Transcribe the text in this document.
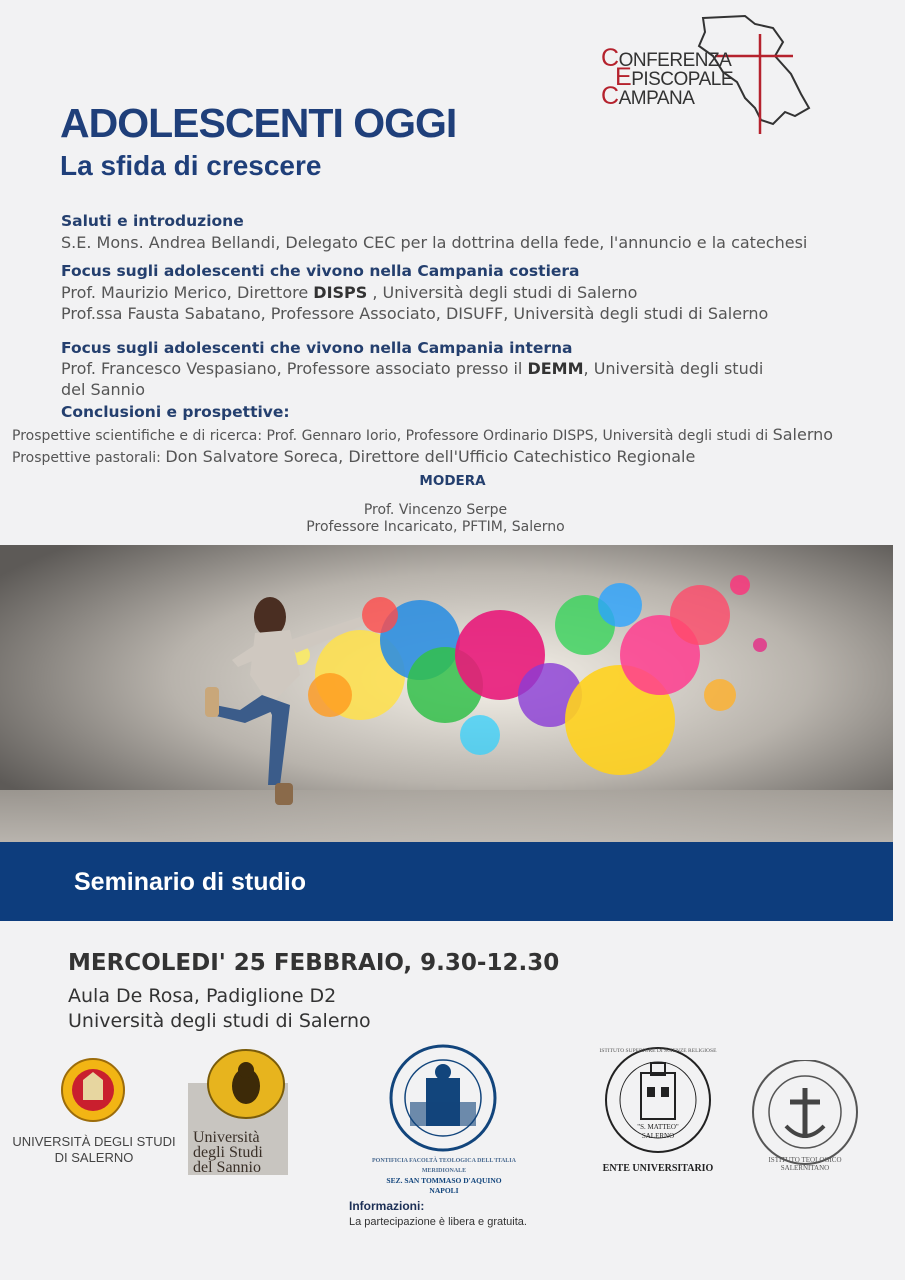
CONFERENZA
EPISCOPALE
CAMPANA
ADOLESCENTI OGGI
La sfida di crescere
Saluti e introduzione
S.E. Mons. Andrea Bellandi, Delegato CEC per la dottrina della fede, l'annuncio e la catechesi
Focus sugli adolescenti che vivono nella Campania costiera
Prof. Maurizio Merico, Direttore DISPS , Università degli studi di Salerno
Prof.ssa Fausta Sabatano, Professore Associato, DISUFF, Università degli studi di Salerno
Focus sugli adolescenti che vivono nella Campania interna
Prof. Francesco Vespasiano, Professore associato presso il DEMM, Università degli studi
del Sannio
Conclusioni e prospettive:
Prospettive scientifiche e di ricerca: Prof. Gennaro Iorio, Professore Ordinario DISPS, Università degli studi di Salerno
Prospettive pastorali: Don Salvatore Soreca, Direttore dell'Ufficio Catechistico Regionale
MODERA
Prof. Vincenzo Serpe
Professore Incaricato, PFTIM, Salerno
Seminario di studio
MERCOLEDI' 25 FEBBRAIO, 9.30-12.30
Aula De Rosa, Padiglione D2
Università degli studi di Salerno
UNIVERSITÀ DEGLI STUDI
DI SALERNO
Università
degli Studi
del Sannio	PONTIFICIA FACOLTÀ TEOLOGICA DELL'ITALIA MERIDIONALE
SEZ. SAN TOMMASO D'AQUINO
NAPOLI
ISTITUTO SUPERIORE DI SCIENZE RELIGIOSE
"S. MATTEO"
SALERNO
ENTE UNIVERSITARIO
ISTITUTO TEOLOGICO SALERNITANO
Informazioni:
La partecipazione è libera e gratuita.
